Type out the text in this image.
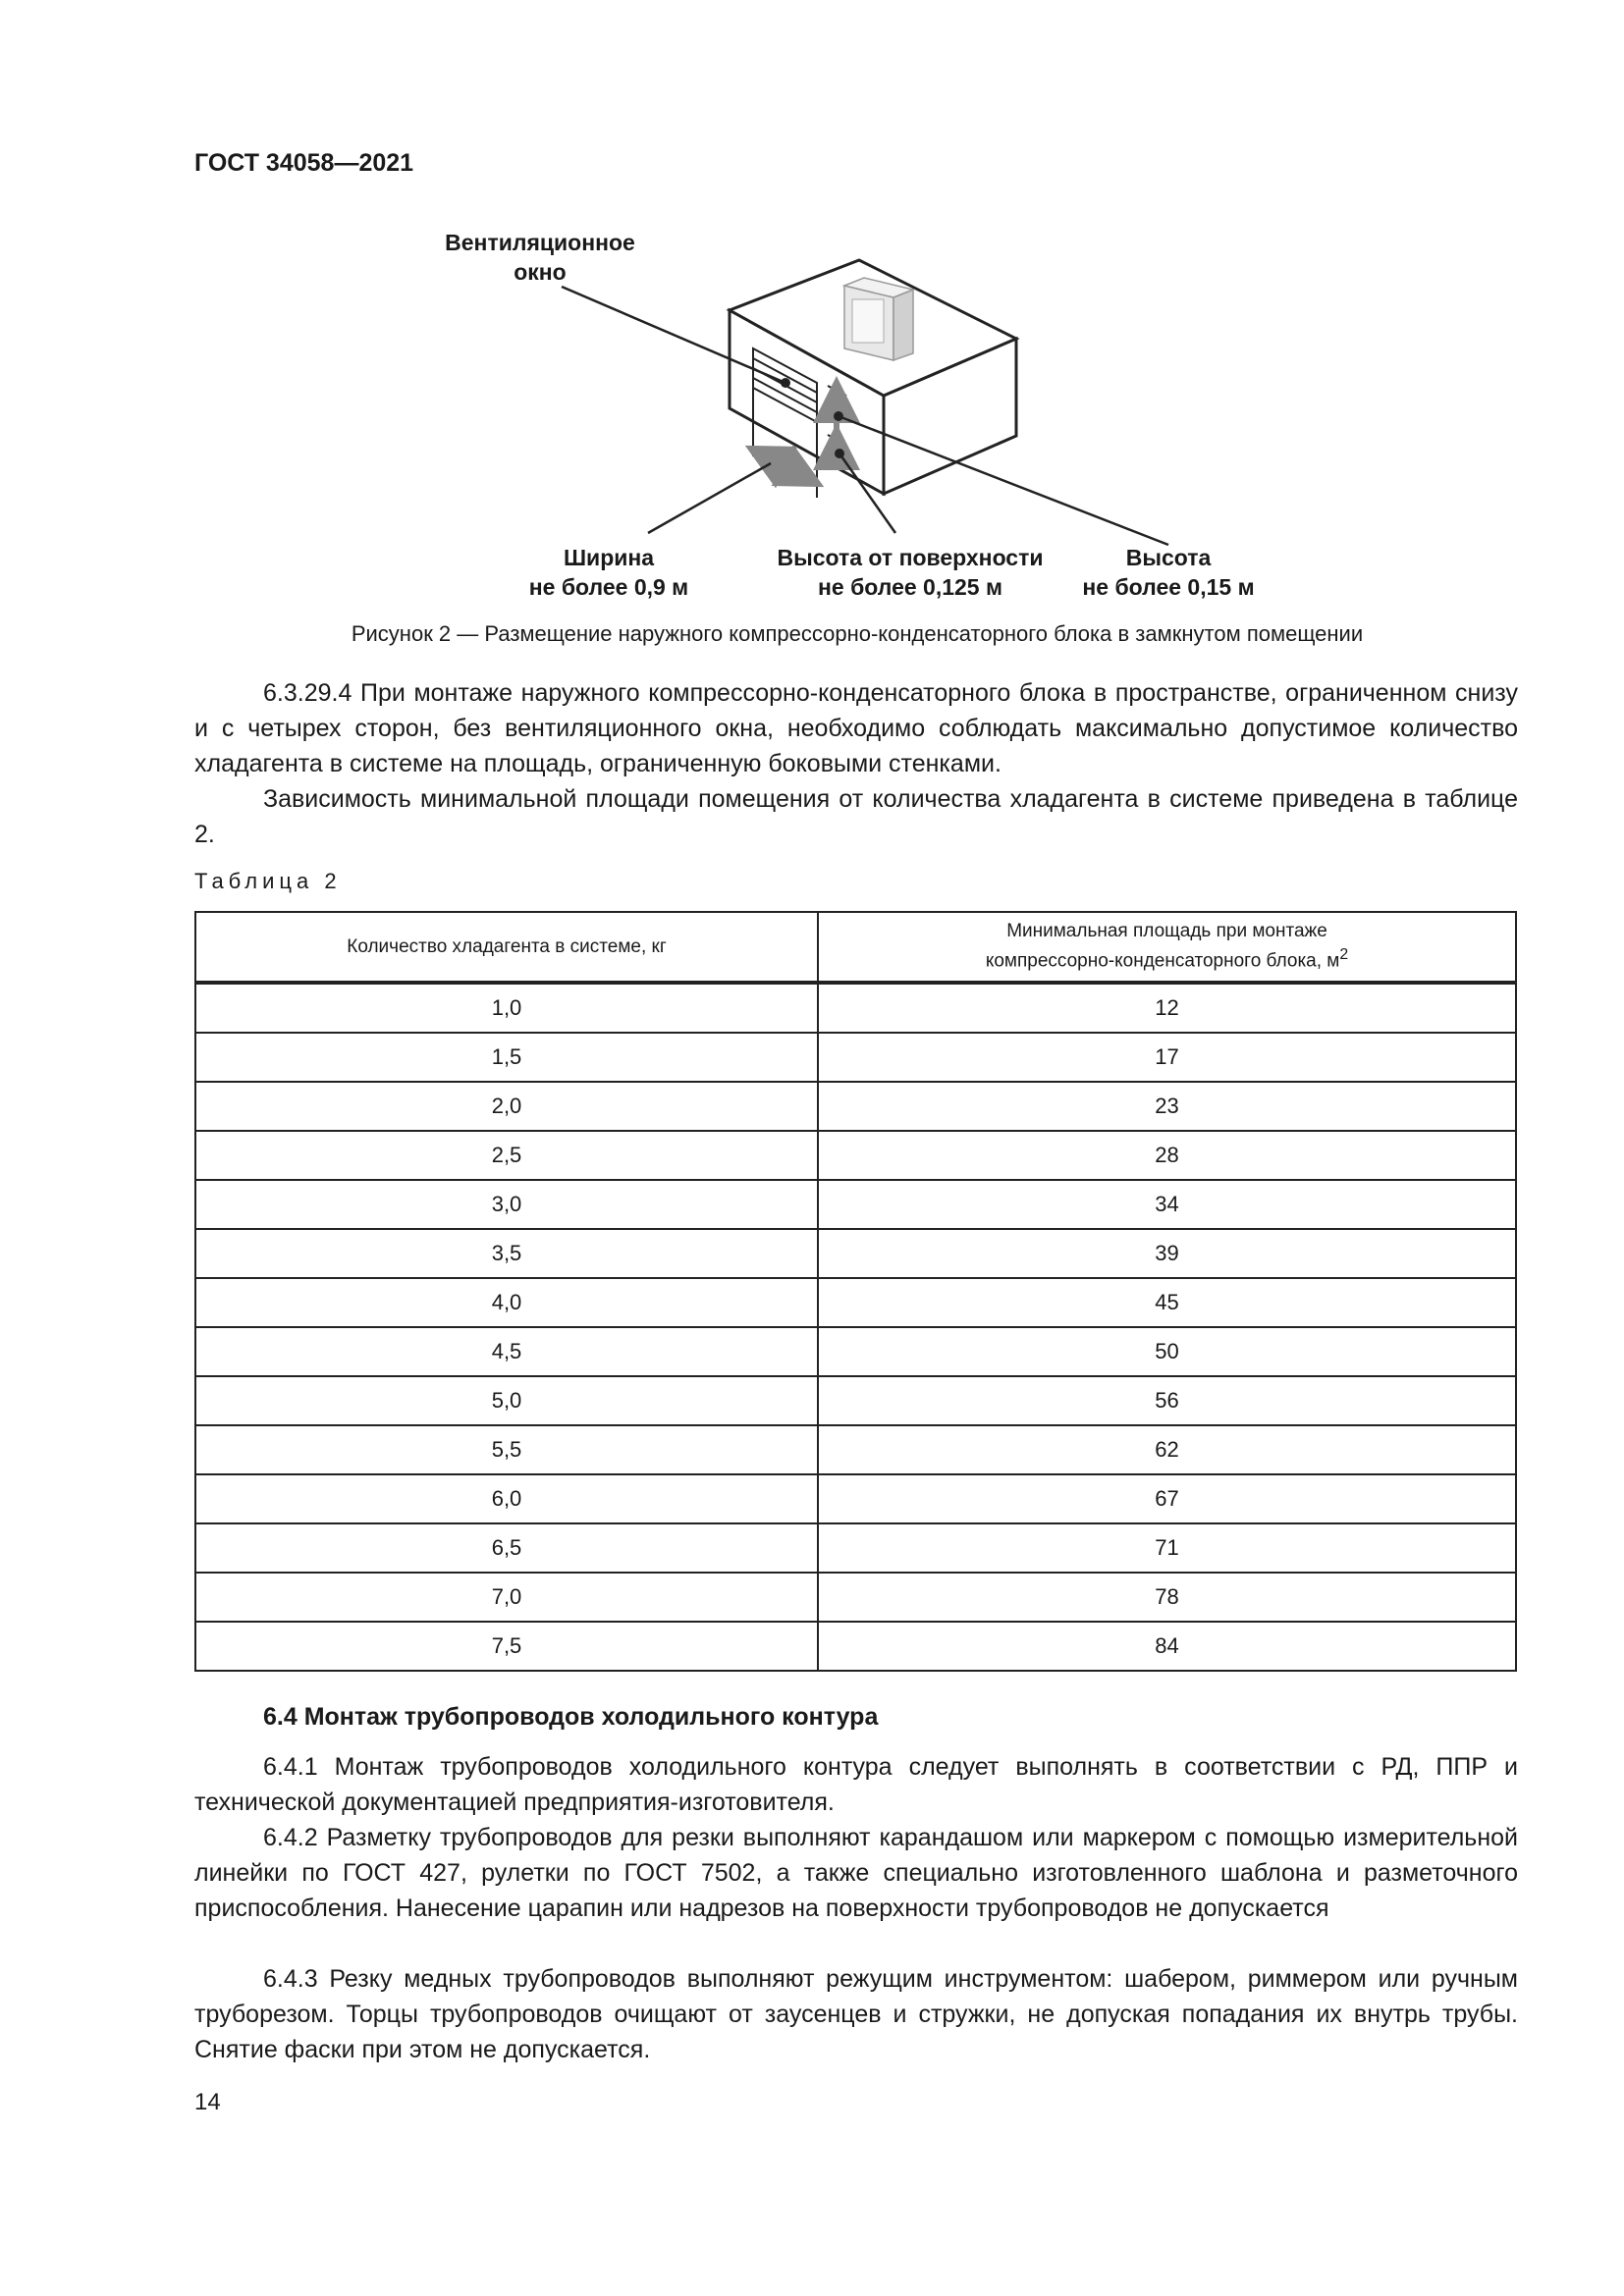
ГОСТ 34058—2021
Вентиляционное
окно
Ширина
не более 0,9 м
Высота от поверхности
не более 0,125 м
Высота
не более 0,15 м
Рисунок 2 — Размещение наружного компрессорно-конденсаторного блока в замкнутом помещении

6.3.29.4 При монтаже наружного компрессорно-конденсаторного блока в пространстве, ограниченном снизу и с четырех сторон, без вентиляционного окна, необходимо соблюдать максимально допустимое количество хладагента в системе на площадь, ограниченную боковыми стенками.

Зависимость минимальной площади помещения от количества хладагента в системе приведена в таблице 2.

Таблица 2
Количество хладагента в системе, кг	Минимальная площадь при монтаже
компрессорно-конденсаторного блока, $м^2$
1,0	12
1,5	17
2,0	23
2,5	28
3,0	34
3,5	39
4,0	45
4,5	50
5,0	56
5,5	62
6,0	67
6,5	71
7,0	78
7,5	84
6.4 Монтаж трубопроводов холодильного контура

6.4.1 Монтаж трубопроводов холодильного контура следует выполнять в соответствии с РД, ППР и технической документацией предприятия-изготовителя.

6.4.2 Разметку трубопроводов для резки выполняют карандашом или маркером с помощью измерительной линейки по ГОСТ 427, рулетки по ГОСТ 7502, а также специально изготовленного шаблона и разметочного приспособления. Нанесение царапин или надрезов на поверхности трубопроводов не допускается

6.4.3 Резку медных трубопроводов выполняют режущим инструментом: шабером, риммером или ручным труборезом. Торцы трубопроводов очищают от заусенцев и стружки, не допуская попадания их внутрь трубы. Снятие фаски при этом не допускается.

14
